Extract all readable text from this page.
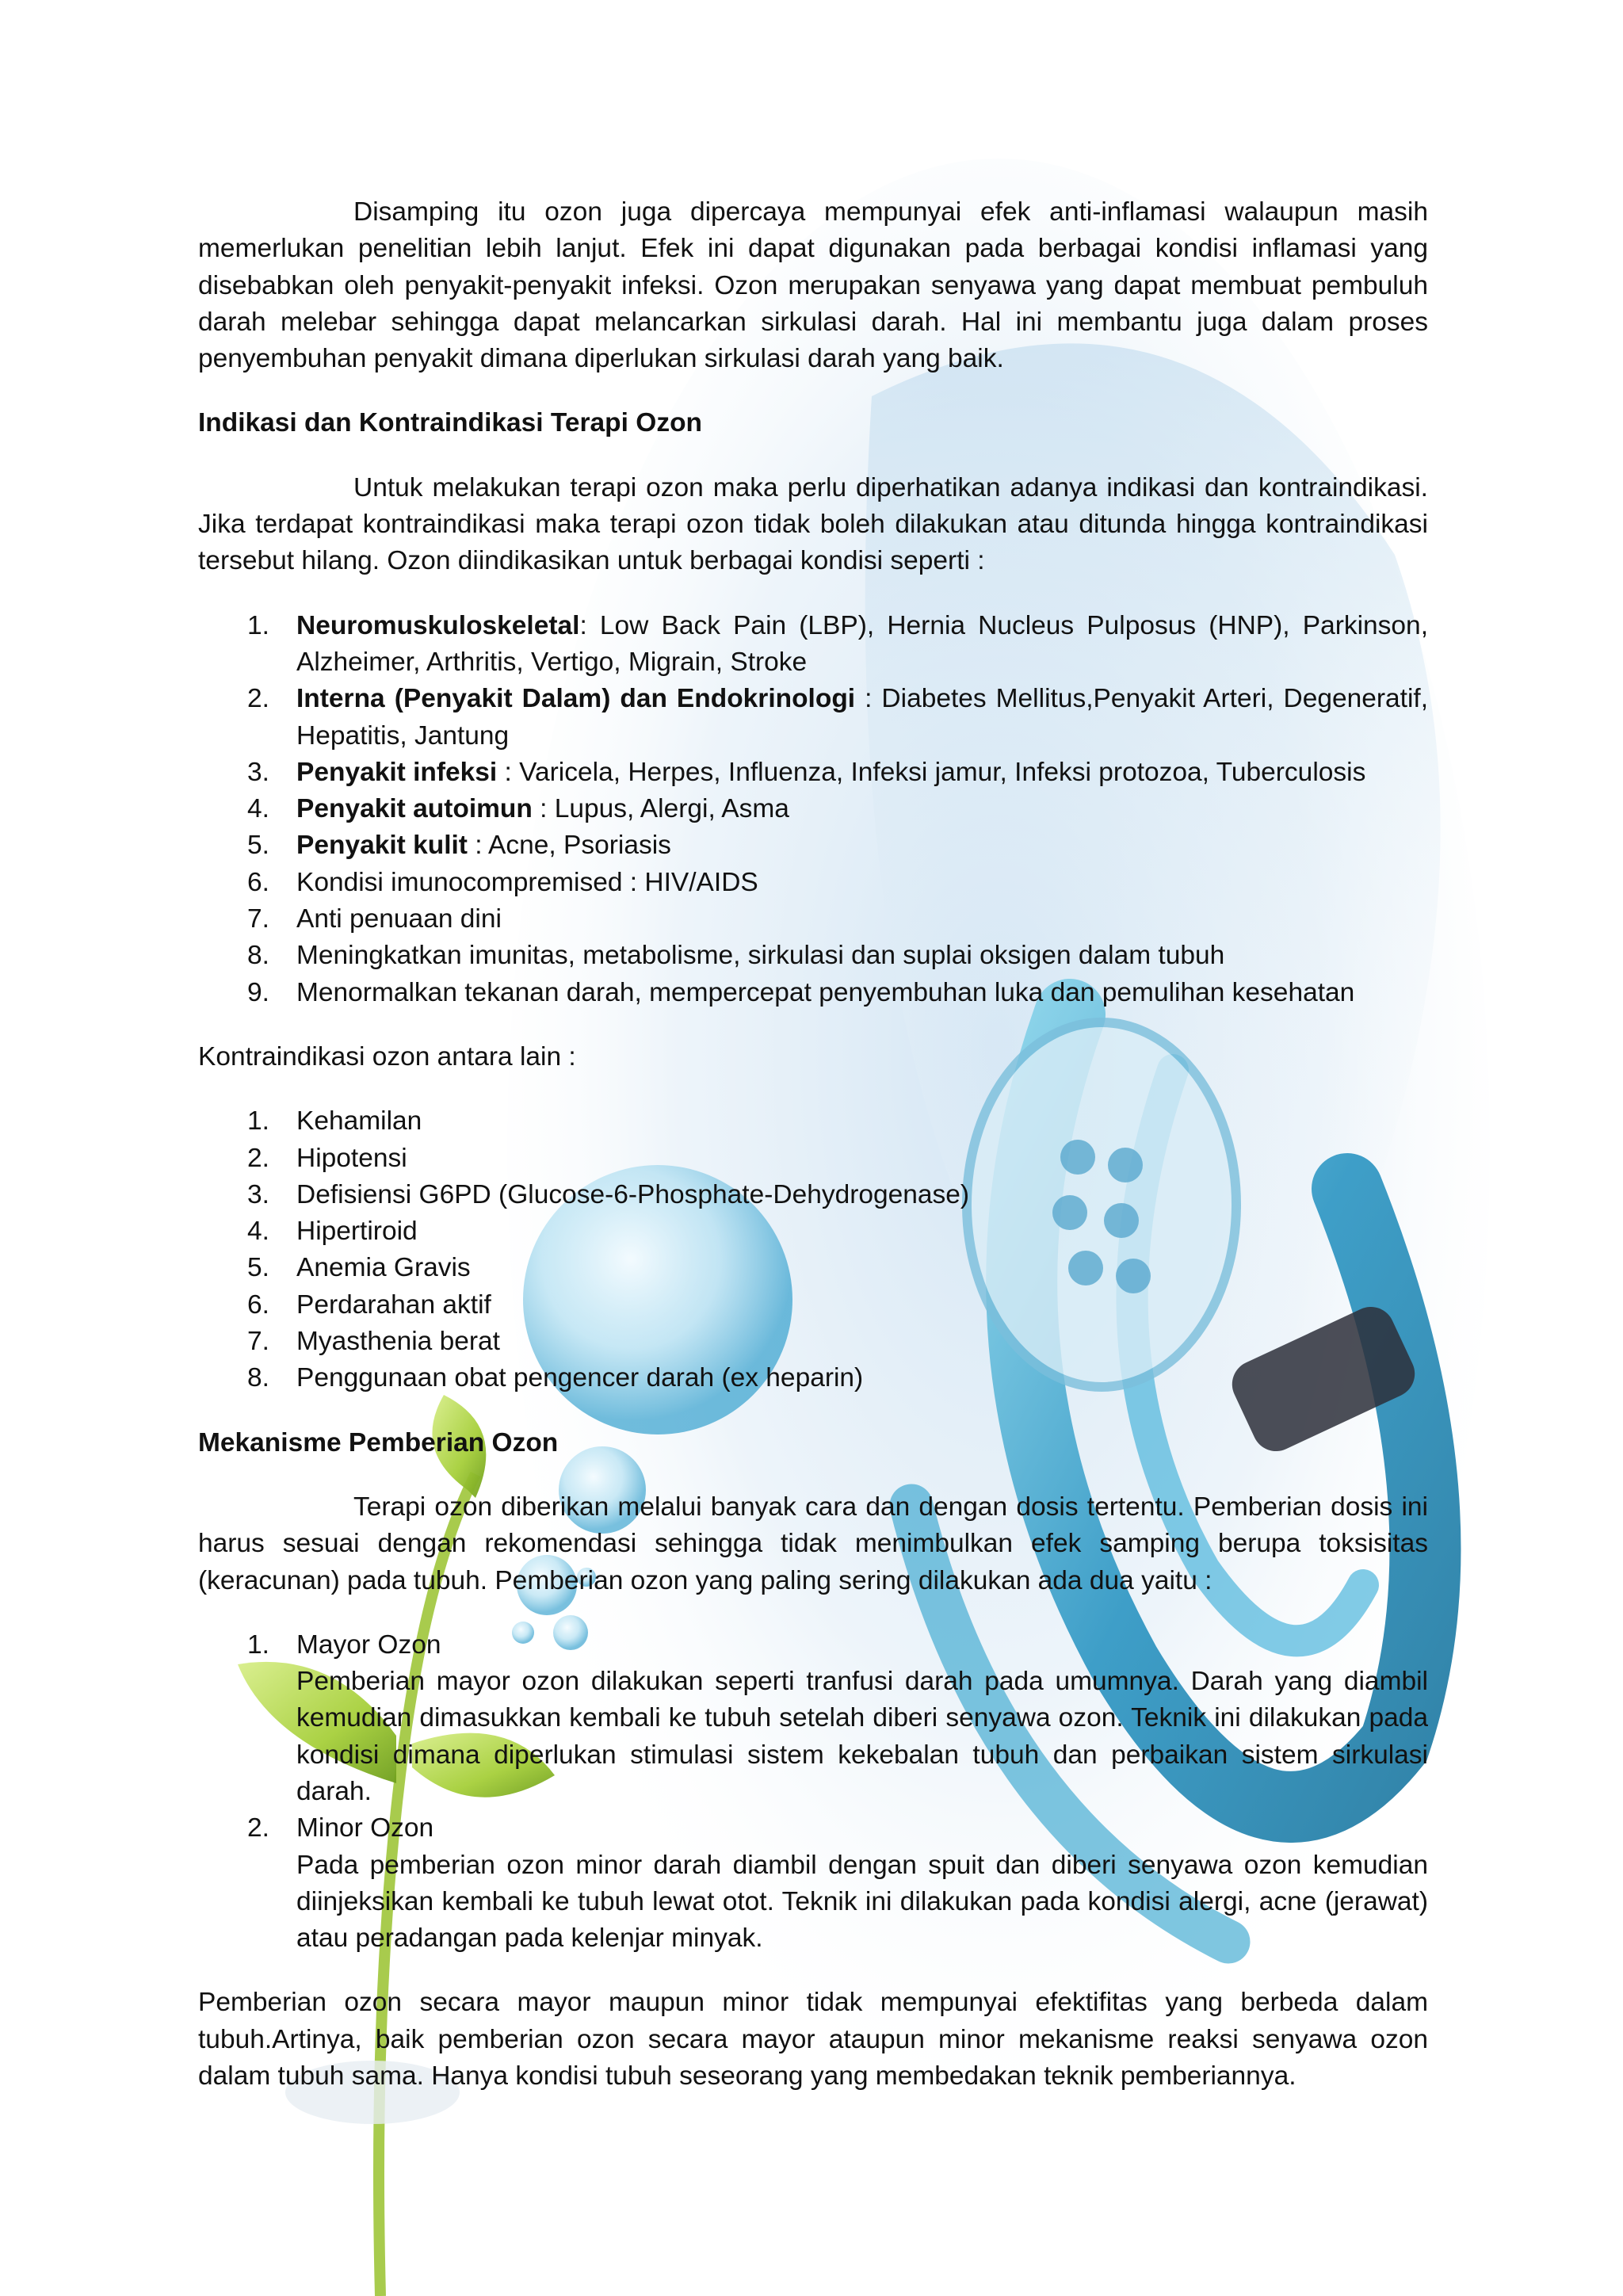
Disamping itu ozon juga dipercaya mempunyai efek anti-inflamasi walaupun masih memerlukan penelitian lebih lanjut. Efek ini dapat digunakan pada berbagai kondisi inflamasi yang disebabkan oleh penyakit-penyakit infeksi. Ozon merupakan senyawa yang dapat membuat pembuluh darah melebar sehingga dapat melancarkan sirkulasi darah. Hal ini membantu juga dalam proses penyembuhan penyakit dimana diperlukan sirkulasi darah yang baik.

Indikasi dan Kontraindikasi Terapi Ozon

Untuk melakukan terapi ozon maka perlu diperhatikan adanya indikasi dan kontraindikasi. Jika terdapat kontraindikasi maka terapi ozon tidak boleh dilakukan atau ditunda hingga kontraindikasi tersebut hilang. Ozon diindikasikan untuk berbagai kondisi seperti :

1. Neuromuskuloskeletal: Low Back Pain (LBP), Hernia Nucleus Pulposus (HNP), Parkinson, Alzheimer, Arthritis, Vertigo, Migrain, Stroke
2. Interna (Penyakit Dalam) dan Endokrinologi : Diabetes Mellitus,Penyakit Arteri, Degeneratif, Hepatitis, Jantung
3. Penyakit infeksi : Varicela, Herpes, Influenza, Infeksi jamur, Infeksi protozoa, Tuberculosis
4. Penyakit autoimun : Lupus, Alergi, Asma
5. Penyakit kulit : Acne, Psoriasis
6. Kondisi imunocompremised : HIV/AIDS
7. Anti penuaan dini
8. Meningkatkan imunitas, metabolisme, sirkulasi dan suplai oksigen dalam tubuh
9. Menormalkan tekanan darah, mempercepat penyembuhan luka dan pemulihan kesehatan

Kontraindikasi ozon antara lain :

1. Kehamilan
2. Hipotensi
3. Defisiensi G6PD (Glucose-6-Phosphate-Dehydrogenase)
4. Hipertiroid
5. Anemia Gravis
6. Perdarahan aktif
7. Myasthenia berat
8. Penggunaan obat pengencer darah (ex heparin)

Mekanisme Pemberian Ozon

Terapi ozon diberikan melalui banyak cara dan dengan dosis tertentu. Pemberian dosis ini harus sesuai dengan rekomendasi sehingga tidak menimbulkan efek samping berupa toksisitas (keracunan) pada tubuh. Pemberian ozon yang paling sering dilakukan ada dua yaitu :

1. Mayor Ozon
Pemberian mayor ozon dilakukan seperti tranfusi darah pada umumnya. Darah yang diambil kemudian dimasukkan kembali ke tubuh setelah diberi senyawa ozon. Teknik ini dilakukan pada kondisi dimana diperlukan stimulasi sistem kekebalan tubuh dan perbaikan sistem sirkulasi darah.
2. Minor Ozon
Pada pemberian ozon minor darah diambil dengan spuit dan diberi senyawa ozon kemudian diinjeksikan kembali ke tubuh lewat otot. Teknik ini dilakukan pada kondisi alergi, acne (jerawat) atau peradangan pada kelenjar minyak.

Pemberian ozon secara mayor maupun minor tidak mempunyai efektifitas yang berbeda dalam tubuh.Artinya, baik pemberian ozon secara mayor ataupun minor mekanisme reaksi senyawa ozon dalam tubuh sama. Hanya kondisi tubuh seseorang yang membedakan teknik pemberiannya.
